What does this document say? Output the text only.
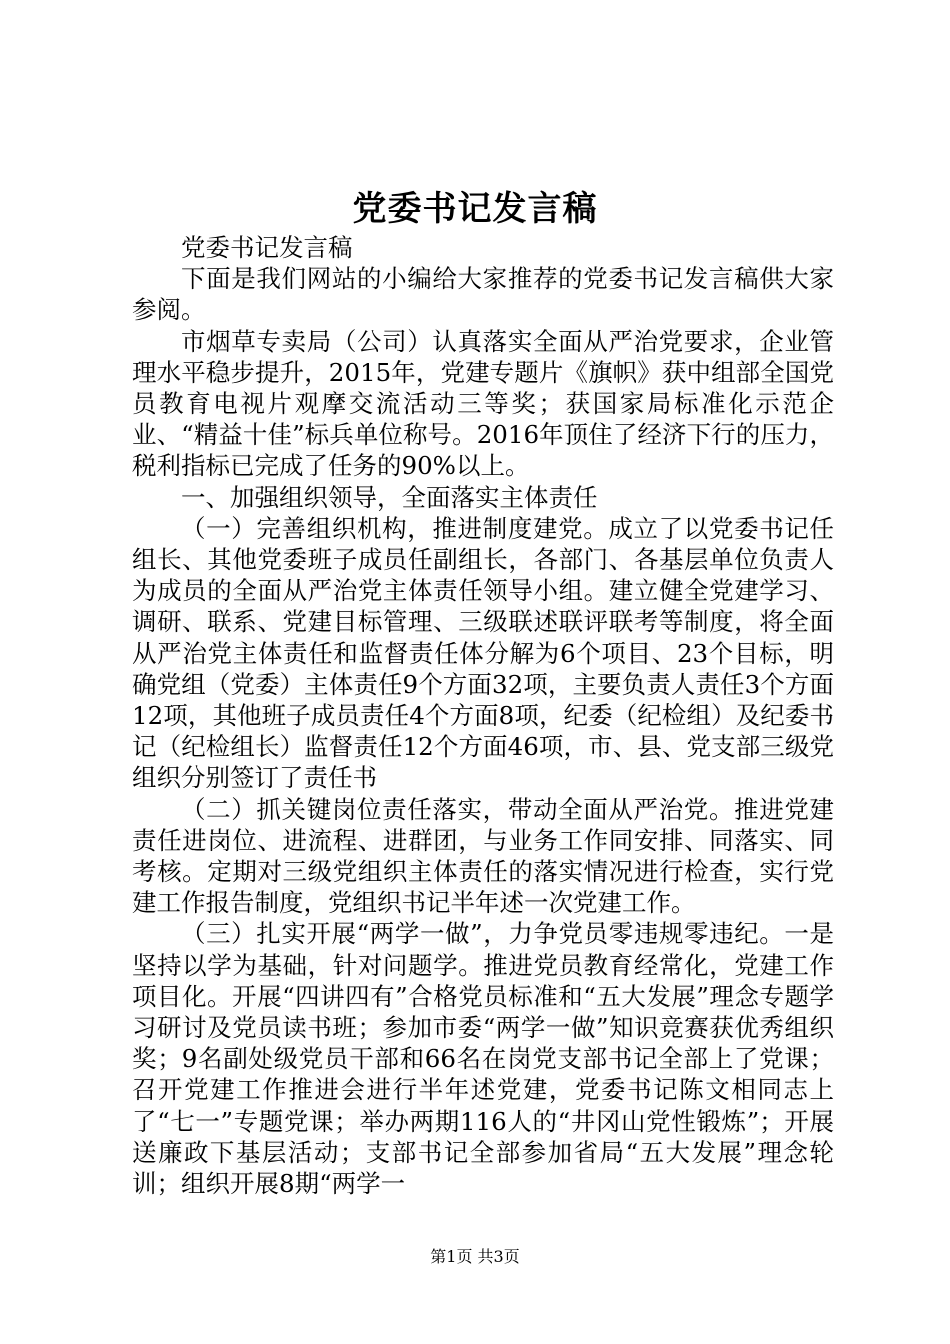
党委书记发言稿

党委书记发言稿

下面是我们网站的小编给大家推荐的党委书记发言稿供大家参阅。

市烟草专卖局（公司）认真落实全面从严治党要求，企业管理水平稳步提升，2015年，党建专题片《旗帜》获中组部全国党员教育电视片观摩交流活动三等奖；获国家局标准化示范企业、“精益十佳”标兵单位称号。2016年顶住了经济下行的压力，税利指标已完成了任务的90%以上。

一、加强组织领导，全面落实主体责任

（一）完善组织机构，推进制度建党。成立了以党委书记任组长、其他党委班子成员任副组长，各部门、各基层单位负责人为成员的全面从严治党主体责任领导小组。建立健全党建学习、调研、联系、党建目标管理、三级联述联评联考等制度，将全面从严治党主体责任和监督责任体分解为6个项目、23个目标，明确党组（党委）主体责任9个方面32项，主要负责人责任3个方面12项，其他班子成员责任4个方面8项，纪委（纪检组）及纪委书记（纪检组长）监督责任12个方面46项，市、县、党支部三级党组织分别签订了责任书

（二）抓关键岗位责任落实，带动全面从严治党。推进党建责任进岗位、进流程、进群团，与业务工作同安排、同落实、同考核。定期对三级党组织主体责任的落实情况进行检查，实行党建工作报告制度，党组织书记半年述一次党建工作。

（三）扎实开展“两学一做”，力争党员零违规零违纪。一是坚持以学为基础，针对问题学。推进党员教育经常化，党建工作项目化。开展“四讲四有”合格党员标准和“五大发展”理念专题学习研讨及党员读书班；参加市委“两学一做”知识竞赛获优秀组织奖；9名副处级党员干部和66名在岗党支部书记全部上了党课；召开党建工作推进会进行半年述党建，党委书记陈文相同志上了“七一”专题党课；举办两期116人的“井冈山党性锻炼”；开展送廉政下基层活动；支部书记全部参加省局“五大发展”理念轮训；组织开展8期“两学一

第1页 共3页
